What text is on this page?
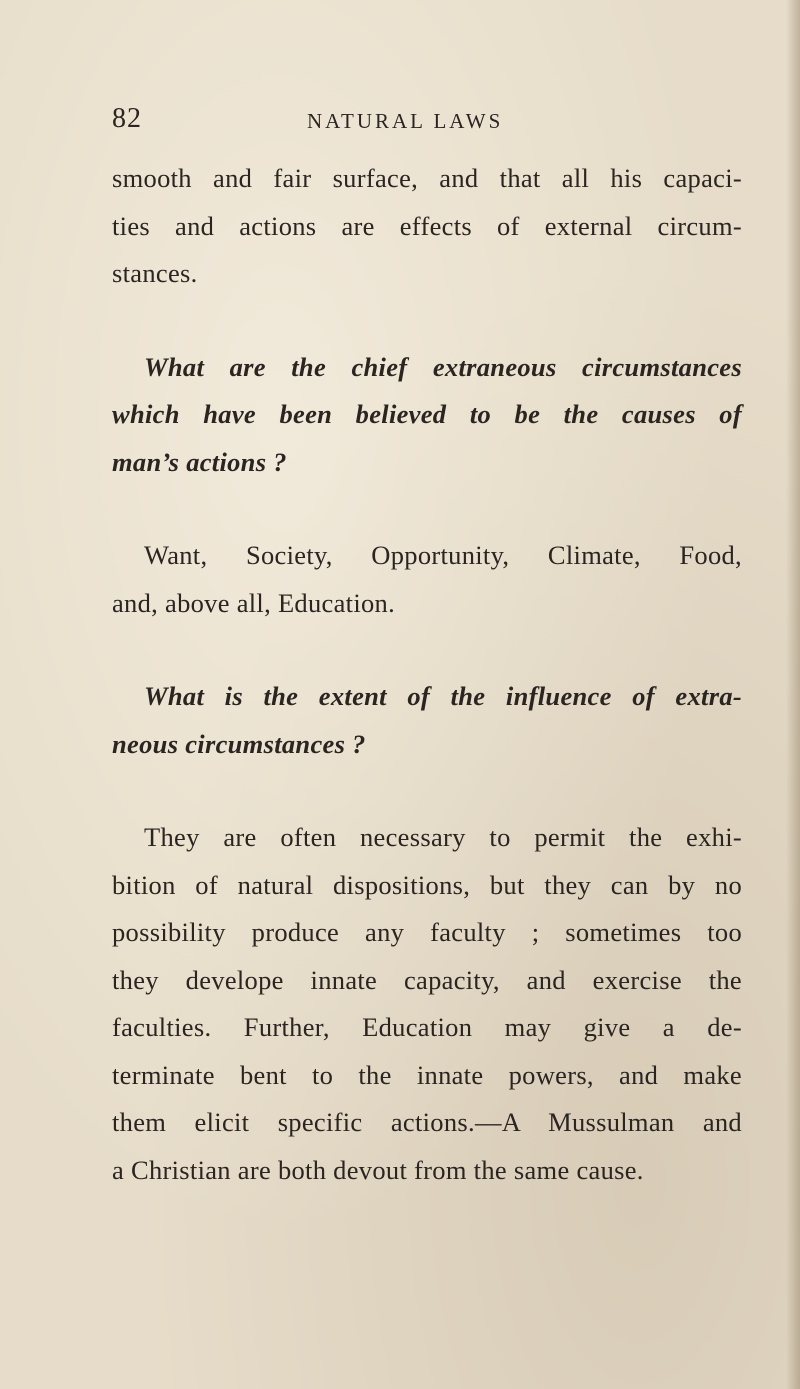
82	NATURAL LAWS

smooth and fair surface, and that all his capaci-
ties and actions are effects of external circum-
stances.

What are the chief extraneous circumstances
which have been believed to be the causes of
man’s actions ?

Want, Society, Opportunity, Climate, Food,
and, above all, Education.

What is the extent of the influence of extra-
neous circumstances ?

They are often necessary to permit the exhi-
bition of natural dispositions, but they can by no
possibility produce any faculty ; sometimes too
they develope innate capacity, and exercise the
faculties. Further, Education may give a de-
terminate bent to the innate powers, and make
them elicit specific actions.—A Mussulman and
a Christian are both devout from the same cause.
